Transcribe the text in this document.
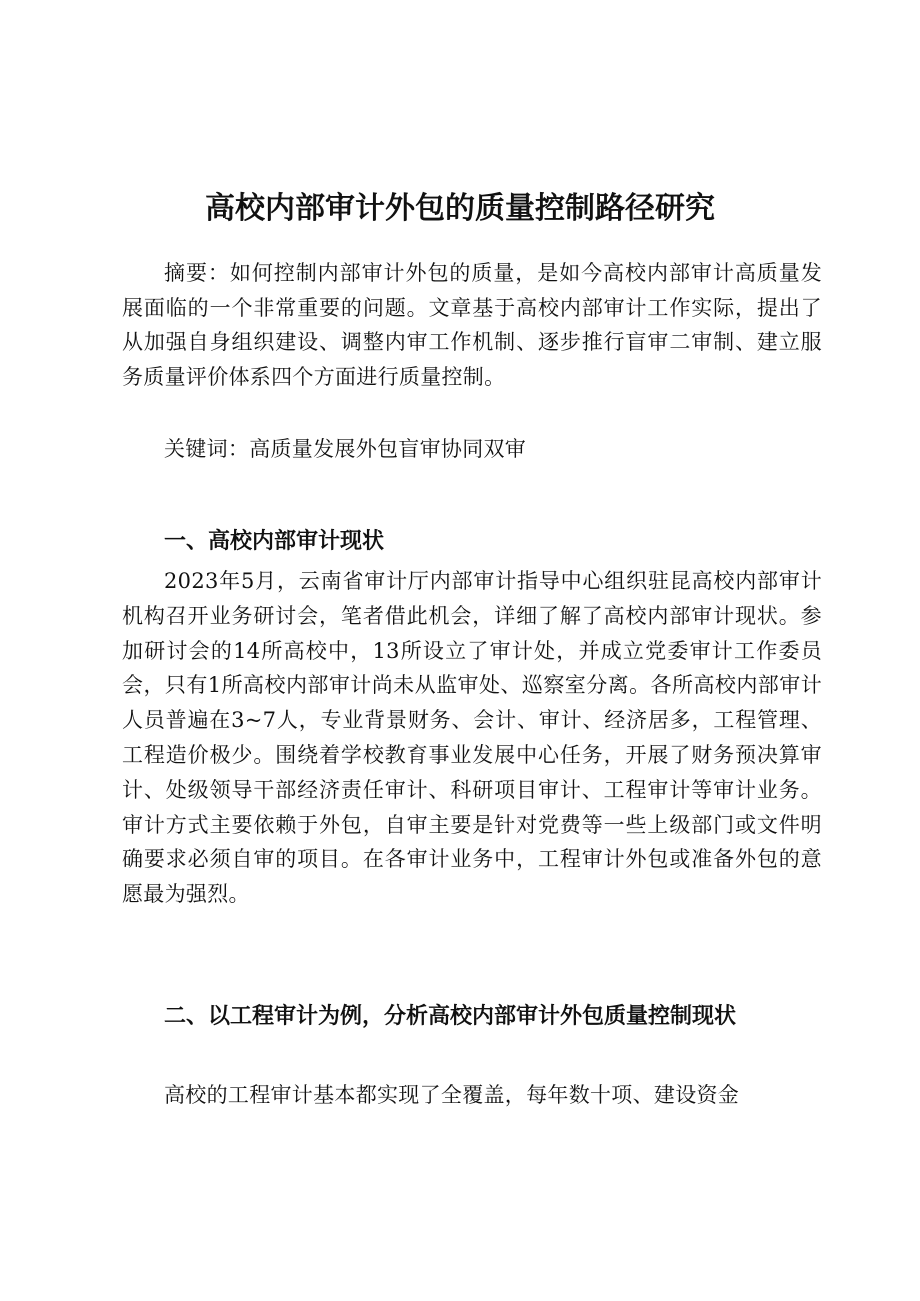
高校内部审计外包的质量控制路径研究

摘要：如何控制内部审计外包的质量，是如今高校内部审计高质量发展面临的一个非常重要的问题。文章基于高校内部审计工作实际，提出了从加强自身组织建设、调整内审工作机制、逐步推行盲审二审制、建立服务质量评价体系四个方面进行质量控制。

关键词：高质量发展外包盲审协同双审

一、高校内部审计现状

2023年5月，云南省审计厅内部审计指导中心组织驻昆高校内部审计机构召开业务研讨会，笔者借此机会，详细了解了高校内部审计现状。参加研讨会的14所高校中，13所设立了审计处，并成立党委审计工作委员会，只有1所高校内部审计尚未从监审处、巡察室分离。各所高校内部审计人员普遍在3~7人，专业背景财务、会计、审计、经济居多，工程管理、工程造价极少。围绕着学校教育事业发展中心任务，开展了财务预决算审计、处级领导干部经济责任审计、科研项目审计、工程审计等审计业务。审计方式主要依赖于外包，自审主要是针对党费等一些上级部门或文件明确要求必须自审的项目。在各审计业务中，工程审计外包或准备外包的意愿最为强烈。

二、以工程审计为例，分析高校内部审计外包质量控制现状

高校的工程审计基本都实现了全覆盖，每年数十项、建设资金
